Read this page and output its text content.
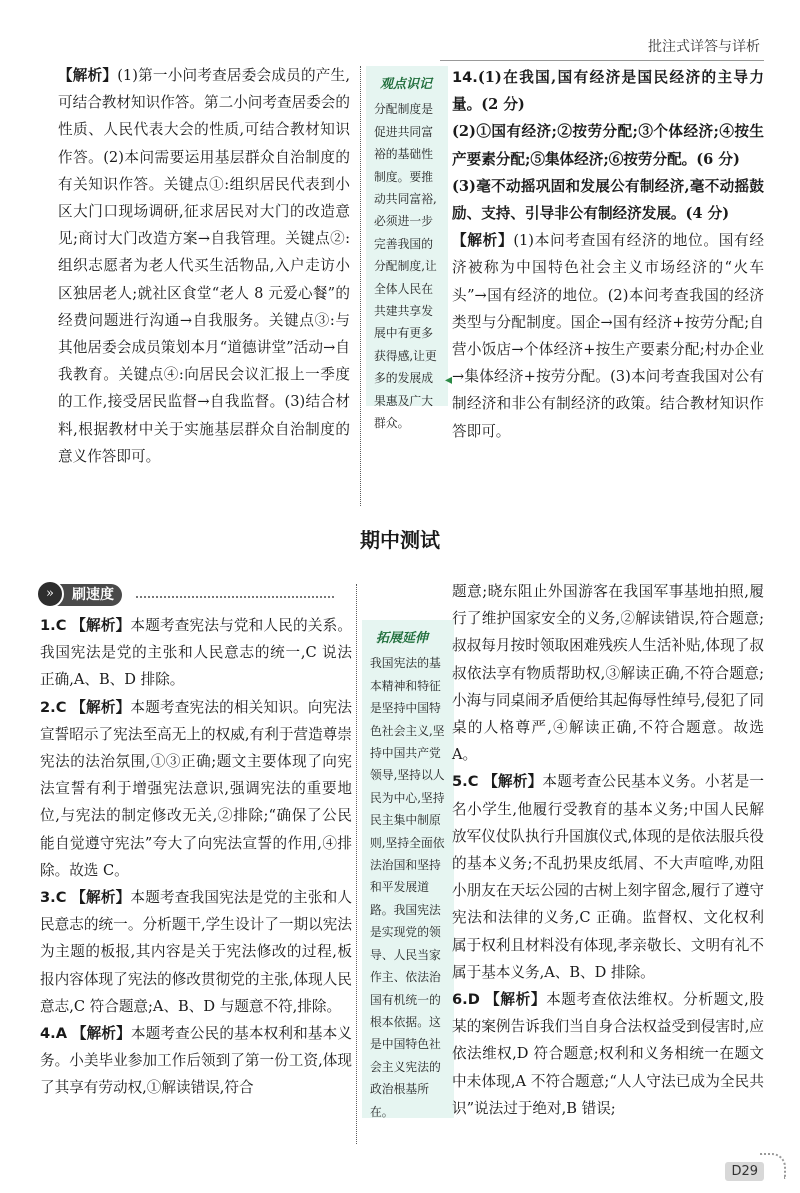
批注式详答与详析

【解析】(1)第一小问考查居委会成员的产生,可结合教材知识作答。第二小问考查居委会的性质、人民代表大会的性质,可结合教材知识作答。(2)本问需要运用基层群众自治制度的有关知识作答。关键点①:组织居民代表到小区大门口现场调研,征求居民对大门的改造意见;商讨大门改造方案→自我管理。关键点②:组织志愿者为老人代买生活物品,入户走访小区独居老人;就社区食堂“老人 8 元爱心餐”的经费问题进行沟通→自我服务。关键点③:与其他居委会成员策划本月“道德讲堂”活动→自我教育。关键点④:向居民会议汇报上一季度的工作,接受居民监督→自我监督。(3)结合材料,根据教材中关于实施基层群众自治制度的意义作答即可。

观点识记
分配制度是促进共同富裕的基础性制度。要推动共同富裕,必须进一步完善我国的分配制度,让全体人民在共建共享发展中有更多获得感,让更多的发展成果惠及广大群众。
◂

14.(1)在我国,国有经济是国民经济的主导力量。(2 分)

(2)①国有经济;②按劳分配;③个体经济;④按生产要素分配;⑤集体经济;⑥按劳分配。(6 分)

(3)毫不动摇巩固和发展公有制经济,毫不动摇鼓励、支持、引导非公有制经济发展。(4 分)

【解析】(1)本问考查国有经济的地位。国有经济被称为中国特色社会主义市场经济的“火车头”→国有经济的地位。(2)本问考查我国的经济类型与分配制度。国企→国有经济+按劳分配;自营小饭店→个体经济+按生产要素分配;村办企业→集体经济+按劳分配。(3)本问考查我国对公有制经济和非公有制经济的政策。结合教材知识作答即可。

期中测试
刷速度
»

1.C 【解析】本题考查宪法与党和人民的关系。我国宪法是党的主张和人民意志的统一,C 说法正确,A、B、D 排除。

2.C 【解析】本题考查宪法的相关知识。向宪法宣誓昭示了宪法至高无上的权威,有利于营造尊崇宪法的法治氛围,①③正确;题文主要体现了向宪法宣誓有利于增强宪法意识,强调宪法的重要地位,与宪法的制定修改无关,②排除;“确保了公民能自觉遵守宪法”夸大了向宪法宣誓的作用,④排除。故选 C。

3.C 【解析】本题考查我国宪法是党的主张和人民意志的统一。分析题干,学生设计了一期以宪法为主题的板报,其内容是关于宪法修改的过程,板报内容体现了宪法的修改贯彻党的主张,体现人民意志,C 符合题意;A、B、D 与题意不符,排除。

4.A 【解析】本题考查公民的基本权利和基本义务。小美毕业参加工作后领到了第一份工资,体现了其享有劳动权,①解读错误,符合

拓展延伸
我国宪法的基本精神和特征是坚持中国特色社会主义,坚持中国共产党领导,坚持以人民为中心,坚持民主集中制原则,坚持全面依法治国和坚持和平发展道路。我国宪法是实现党的领导、人民当家作主、依法治国有机统一的根本依据。这是中国特色社会主义宪法的政治根基所在。

题意;晓东阻止外国游客在我国军事基地拍照,履行了维护国家安全的义务,②解读错误,符合题意;叔叔每月按时领取困难残疾人生活补贴,体现了叔叔依法享有物质帮助权,③解读正确,不符合题意;小海与同桌闹矛盾便给其起侮辱性绰号,侵犯了同桌的人格尊严,④解读正确,不符合题意。故选 A。

5.C 【解析】本题考查公民基本义务。小茗是一名小学生,他履行受教育的基本义务;中国人民解放军仪仗队执行升国旗仪式,体现的是依法服兵役的基本义务;不乱扔果皮纸屑、不大声喧哗,劝阻小朋友在天坛公园的古树上刻字留念,履行了遵守宪法和法律的义务,C 正确。监督权、文化权利属于权利且材料没有体现,孝亲敬长、文明有礼不属于基本义务,A、B、D 排除。

6.D 【解析】本题考查依法维权。分析题文,股某的案例告诉我们当自身合法权益受到侵害时,应依法维权,D 符合题意;权利和义务相统一在题文中未体现,A 不符合题意;“人人守法已成为全民共识”说法过于绝对,B 错误;

D29
